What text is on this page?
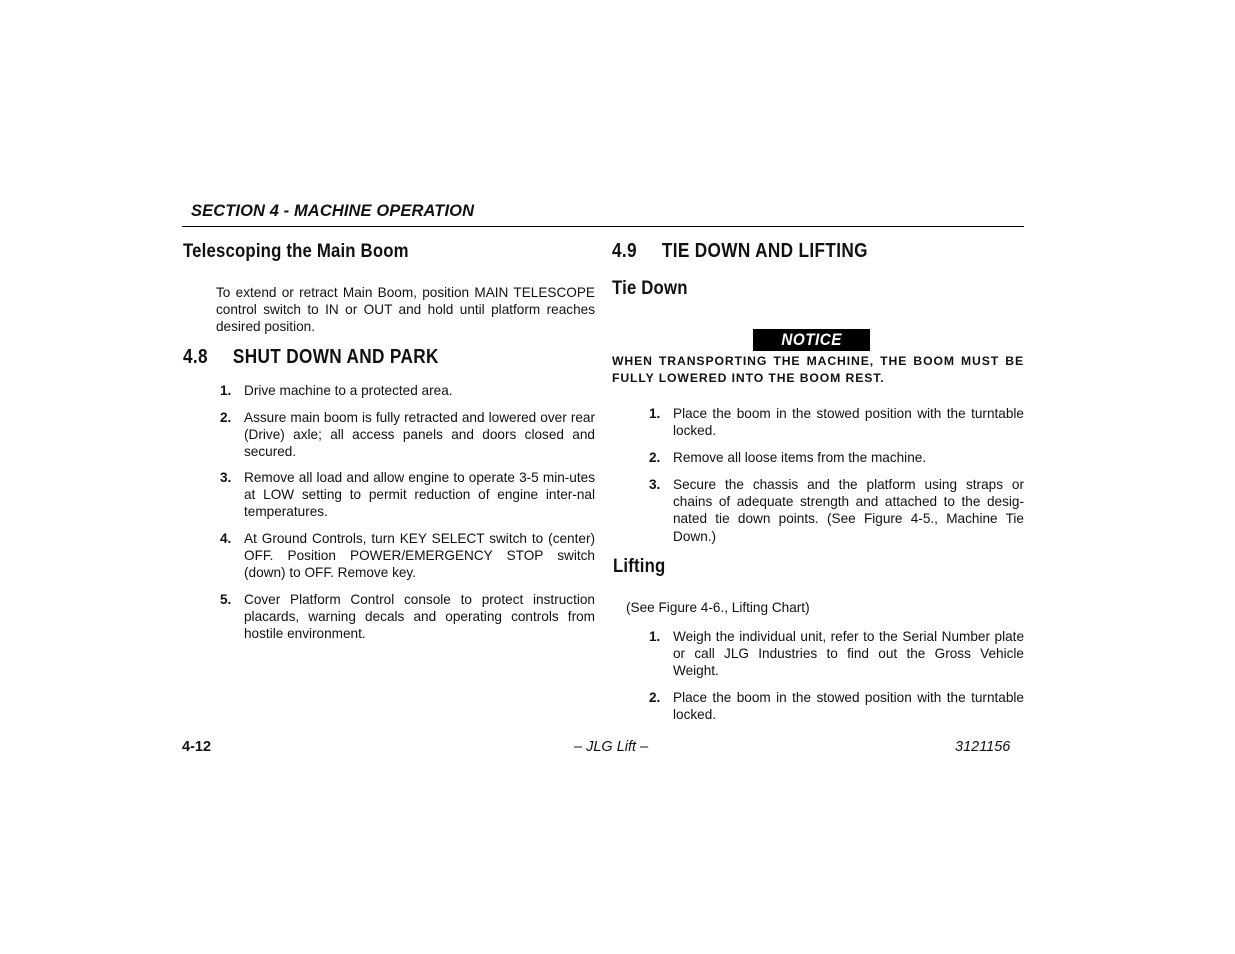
SECTION 4 - MACHINE OPERATION
Telescoping the Main Boom
To extend or retract Main Boom, position MAIN TELESCOPE control switch to IN or OUT and hold until platform reaches desired position.
4.8 SHUT DOWN AND PARK
1. Drive machine to a protected area.
2. Assure main boom is fully retracted and lowered over rear (Drive) axle; all access panels and doors closed and secured.
3. Remove all load and allow engine to operate 3-5 min-utes at LOW setting to permit reduction of engine inter-nal temperatures.
4. At Ground Controls, turn KEY SELECT switch to (center) OFF. Position POWER/EMERGENCY STOP switch (down) to OFF. Remove key.
5. Cover Platform Control console to protect instruction placards, warning decals and operating controls from hostile environment.
4.9 TIE DOWN AND LIFTING
Tie Down
NOTICE
WHEN TRANSPORTING THE MACHINE, THE BOOM MUST BE FULLY LOWERED INTO THE BOOM REST.
1. Place the boom in the stowed position with the turntable locked.
2. Remove all loose items from the machine.
3. Secure the chassis and the platform using straps or chains of adequate strength and attached to the desig-nated tie down points. (See Figure 4-5., Machine Tie Down.)
Lifting
(See Figure 4-6., Lifting Chart)
1. Weigh the individual unit, refer to the Serial Number plate or call JLG Industries to find out the Gross Vehicle Weight.
2. Place the boom in the stowed position with the turntable locked.
4-12	– JLG Lift –	3121156
